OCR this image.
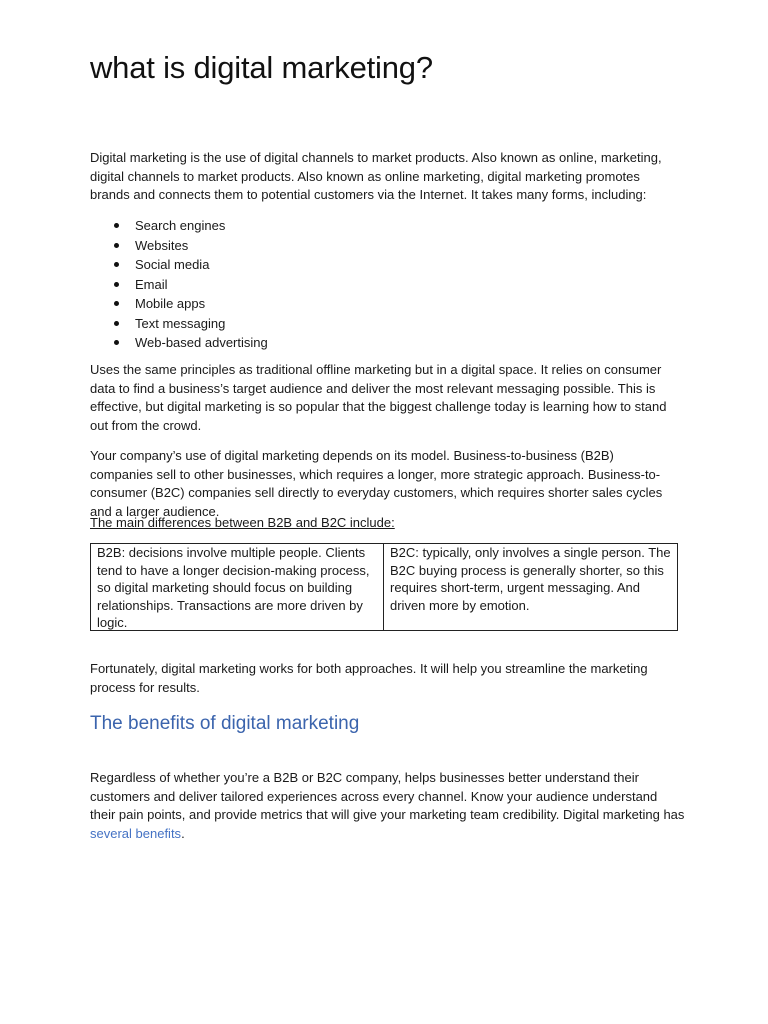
what is digital marketing?

Digital marketing is the use of digital channels to market products. Also known as online, marketing, digital channels to market products. Also known as online marketing, digital marketing promotes brands and connects them to potential customers via the Internet. It takes many forms, including:

Search engines
Websites
Social media
Email
Mobile apps
Text messaging
Web-based advertising

Uses the same principles as traditional offline marketing but in a digital space. It relies on consumer data to find a business’s target audience and deliver the most relevant messaging possible. This is effective, but digital marketing is so popular that the biggest challenge today is learning how to stand out from the crowd.

Your company’s use of digital marketing depends on its model. Business-to-business (B2B) companies sell to other businesses, which requires a longer, more strategic approach. Business-to-consumer (B2C) companies sell directly to everyday customers, which requires shorter sales cycles and a larger audience.

The main differences between B2B and B2C include:

B2B: decisions involve multiple people. Clients tend to have a longer decision-making process, so digital marketing should focus on building relationships. Transactions are more driven by logic.
B2C: typically, only involves a single person. The B2C buying process is generally shorter, so this requires short-term, urgent messaging. And driven more by emotion.

Fortunately, digital marketing works for both approaches. It will help you streamline the marketing process for results.

The benefits of digital marketing

Regardless of whether you’re a B2B or B2C company, helps businesses better understand their customers and deliver tailored experiences across every channel. Know your audience understand their pain points, and provide metrics that will give your marketing team credibility. Digital marketing has several benefits.
